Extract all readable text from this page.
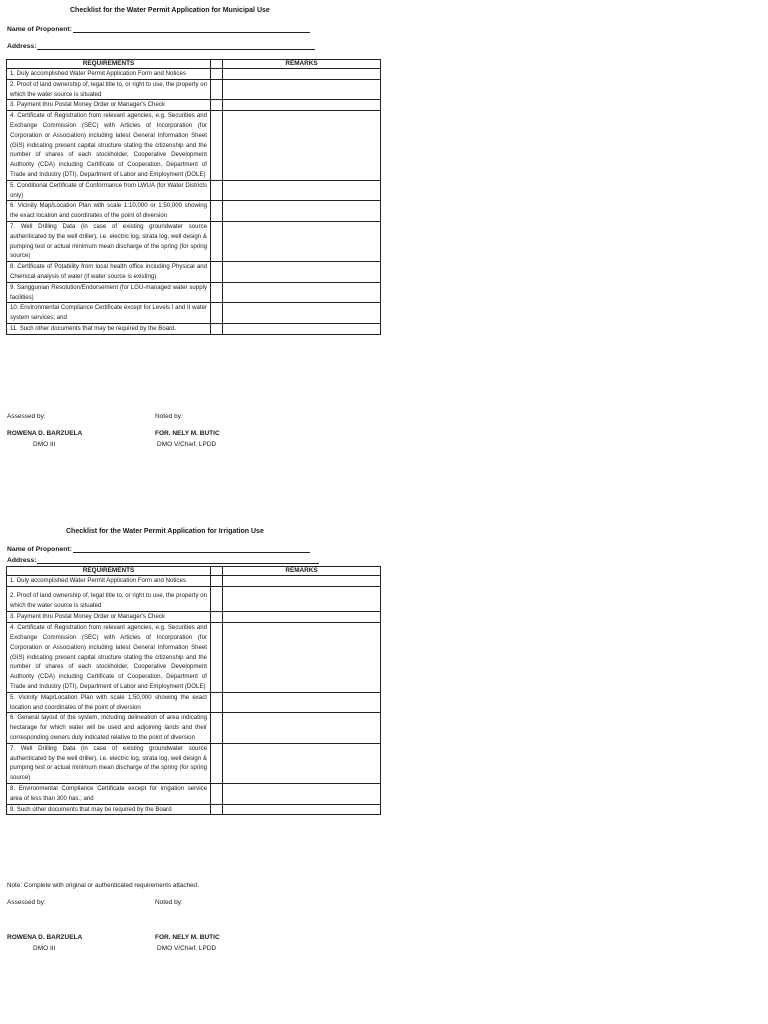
Checklist for the Water Permit Application for Municipal Use
Name of Proponent:
Address:
REQUIREMENTS		REMARKS
1. Duly accomplished Water Permit Application Form and Notices		
2. Proof of land ownership of, legal title to, or right to use, the property on which the water source is situated		
3. Payment thru Postal Money Order or Manager's Check		
4. Certificate of Registration from relevant agencies, e.g. Securities and Exchange Commission (SEC) with Articles of Incorporation (for Corporation or Association) including latest General Information Sheet (GIS) indicating present capital structure stating the citizenship and the number of shares of each stockholder, Cooperative Development Authority (CDA) including Certificate of Cooperation, Department of Trade and Industry (DTI), Department of Labor and Employment (DOLE)		
5. Conditional Certificate of Conformance from LWUA (for Water Districts only)		
6. Vicinity Map/Location Plan with scale 1:10,000 or 1:50,000 showing the exact location and coordinates of the point of diversion		
7. Well Drilling Data (in case of existing groundwater source authenticated by the well driller), i.e. electric log, strata log, well design & pumping test or actual minimum mean discharge of the spring (for spring source)		
8. Certificate of Potability from local health office including Physical and Chemical analysis of water (if water source is existing)		
9. Sanggunian Resolution/Endorsement (for LGU-managed water supply facilities)		
10. Environmental Compliance Certificate except for Levels I and II water system services; and		
11. Such other documents that may be required by the Board.		
Assessed by:	Noted by:
ROWENA D. BARZUELA
DMO III
FOR. NELY M. BUTIC
DMO V/Chief, LPDD
Checklist for the Water Permit Application for Irrigation Use
Name of Proponent:
Address:
REQUIREMENTS		REMARKS
1. Duly accomplished Water Permit Application Form and Notices		
2. Proof of land ownership of, legal title to, or right to use, the property on which the water source is situated		
3. Payment thru Postal Money Order or Manager's Check		
4. Certificate of Registration from relevant agencies, e.g. Securities and Exchange Commission (SEC) with Articles of Incorporation (for Corporation or Association) including latest General Information Sheet (GIS) indicating present capital structure stating the citizenship and the number of shares of each stockholder, Cooperative Development Authority (CDA) including Certificate of Cooperation, Department of Trade and Industry (DTI), Department of Labor and Employment (DOLE)		
5. Vicinity Map/Location Plan with scale 1:50,000 showing the exact location and coordinates of the point of diversion		
6. General layout of the system, including delineation of area indicating hectarage for which water will be used and adjoining lands and their corresponding owners duly indicated relative to the point of diversion		
7. Well Drilling Data (in case of existing groundwater source authenticated by the well driller), i.e. electric log, strata log, well design & pumping test or actual minimum mean discharge of the spring (for spring source)		
8. Environmental Compliance Certificate except for irrigation service area of less than 300 has.; and		
9. Such other documents that may be required by the Board		
Note: Complete with original or authenticated requirements attached.
Assessed by:	Noted by:
ROWENA D. BARZUELA
DMO III
FOR. NELY M. BUTIC
DMO V/Chief, LPDD
